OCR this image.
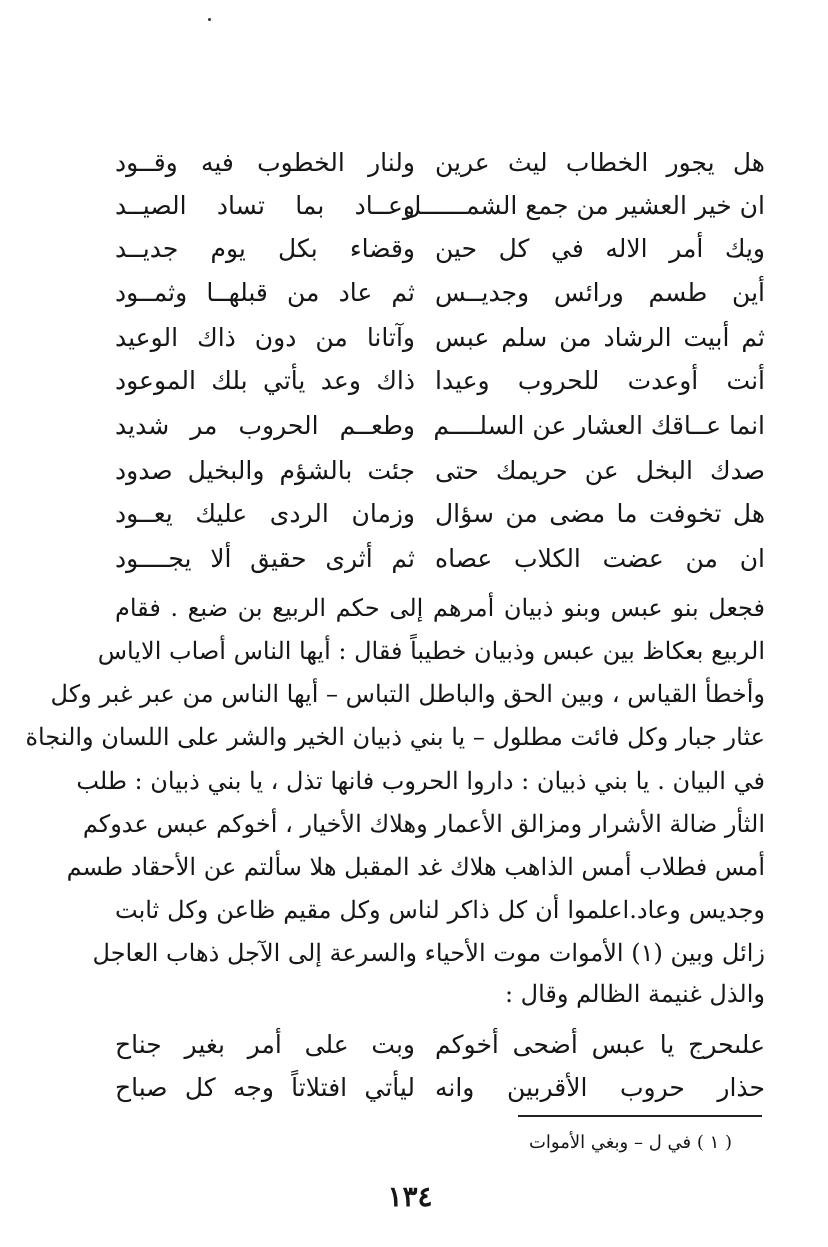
هل يجور الخطاب ليث عرين
ولنار الخطوب فيه وقــود
ان خير العشير من جمع الشمــــــل
وعــاد بما تساد الصيــد
ويك أمر الاله في كل حين
وقضاء بكل يوم جديــد
أين طسم ورائس وجديــس
ثم عاد من قبلهــا وثمــود
ثم أبيت الرشاد من سلم عبس
وآتانا من دون ذاك الوعيد
أنت أوعدت للحروب وعيدا
ذاك وعد يأتي بلك الموعود
انما عــاقك العشار عن السلــــم
وطعــم الحروب مر شديد
صدك البخل عن حريمك حتى
جئت بالشؤم والبخيل صدود
هل تخوفت ما مضى من سؤال
وزمان الردى عليك يعــود
ان من عضت الكلاب عصاه
ثم أثرى حقيق ألا يجــــود
فجعل بنو عبس وبنو ذبيان أمرهم إلى حكم الربيع بن ضبع . فقام
الربيع بعكاظ بين عبس وذبيان خطيباً فقال : أيها الناس أصاب الاياس
وأخطأ القياس ، وبين الحق والباطل التباس – أيها الناس من عبر غبر وكل
عثار جبار وكل فائت مطلول – يا بني ذبيان الخير والشر على اللسان والنجاة
في البيان . يا بني ذبيان : داروا الحروب فانها تذل ، يا بني ذبيان : طلب
الثأر ضالة الأشرار ومزالق الأعمار وهلاك الأخيار ، أخوكم عبس عدوكم
أمس فطلاب أمس الذاهب هلاك غد المقبل هلا سألتم عن الأحقاد طسم
وجديس وعاد.اعلموا أن كل ذاكر لناس وكل مقيم ظاعن وكل ثابت
زائل وبين (١) الأموات موت الأحياء والسرعة إلى الآجل ذهاب العاجل
والذل غنيمة الظالم وقال :
علىحرج يا عبس أضحى أخوكم
وبت على أمر بغير جناح
حذار حروب الأقربين وانه
ليأتي افتلاتاً وجه كل صباح
( ١ ) في ل – وبغي الأموات
١٣٤
